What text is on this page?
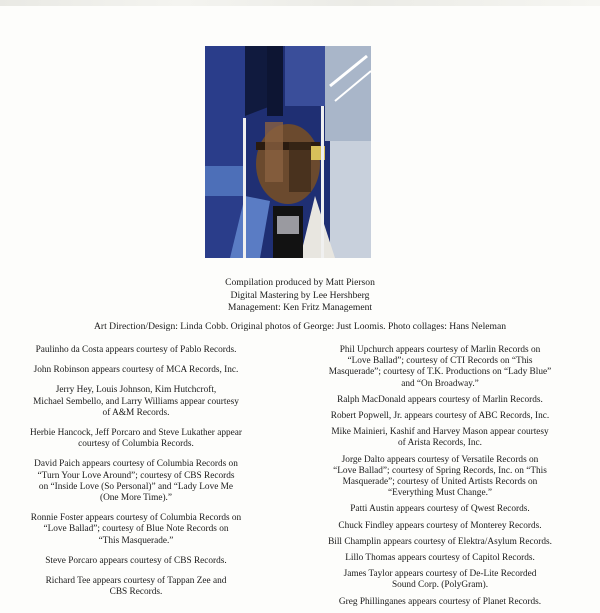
Compilation produced by Matt Pierson
Digital Mastering by Lee Hershberg
Management: Ken Fritz Management
Art Direction/Design: Linda Cobb. Original photos of George: Just Loomis. Photo collages: Hans Neleman
Paulinho da Costa appears courtesy of Pablo Records.
John Robinson appears courtesy of MCA Records, Inc.
Jerry Hey, Louis Johnson, Kim Hutchcroft,
Michael Sembello, and Larry Williams appear courtesy
of A&M Records.
Herbie Hancock, Jeff Porcaro and Steve Lukather appear
courtesy of Columbia Records.
David Paich appears courtesy of Columbia Records on
“Turn Your Love Around”; courtesy of CBS Records
on “Inside Love (So Personal)” and “Lady Love Me
(One More Time).”
Ronnie Foster appears courtesy of Columbia Records on
“Love Ballad”; courtesy of Blue Note Records on
“This Masquerade.”
Steve Porcaro appears courtesy of CBS Records.
Richard Tee appears courtesy of Tappan Zee and
CBS Records.
Phil Upchurch appears courtesy of Marlin Records on
“Love Ballad”; courtesy of CTI Records on “This
Masquerade”; courtesy of T.K. Productions on “Lady Blue”
and “On Broadway.”
Ralph MacDonald appears courtesy of Marlin Records.
Robert Popwell, Jr. appears courtesy of ABC Records, Inc.
Mike Mainieri, Kashif and Harvey Mason appear courtesy
of Arista Records, Inc.
Jorge Dalto appears courtesy of Versatile Records on
“Love Ballad”; courtesy of Spring Records, Inc. on “This
Masquerade”; courtesy of United Artists Records on
“Everything Must Change.”
Patti Austin appears courtesy of Qwest Records.
Chuck Findley appears courtesy of Monterey Records.
Bill Champlin appears courtesy of Elektra/Asylum Records.
Lillo Thomas appears courtesy of Capitol Records.
James Taylor appears courtesy of De-Lite Recorded
Sound Corp. (PolyGram).
Greg Phillinganes appears courtesy of Planet Records.
